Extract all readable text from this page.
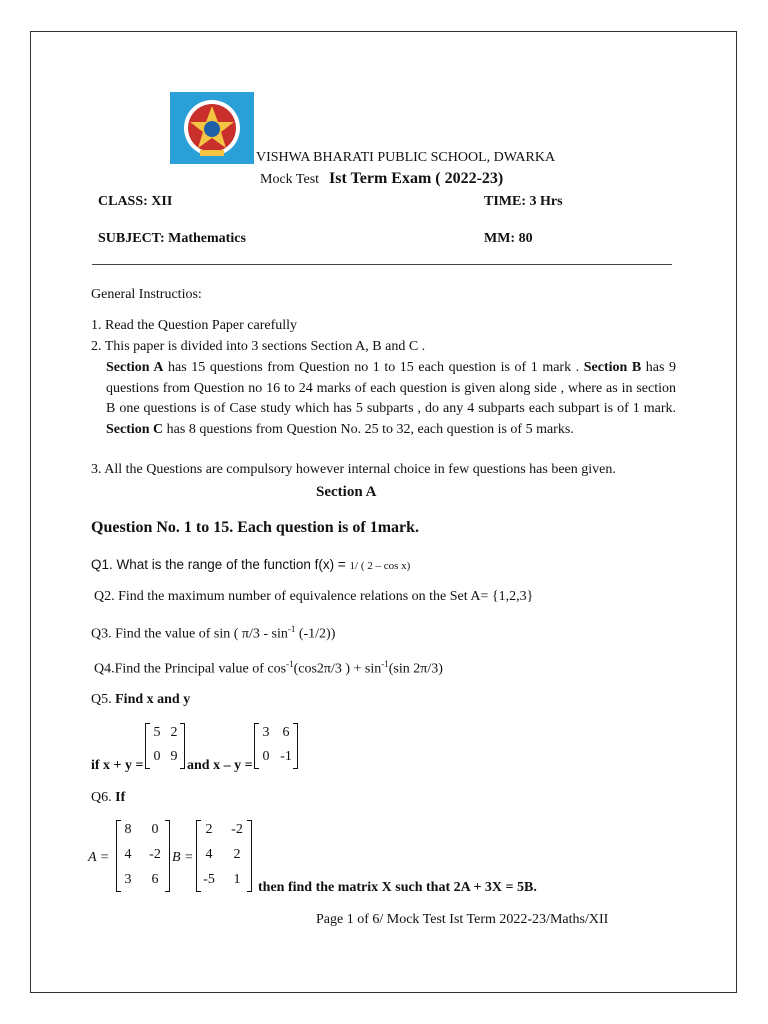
VISHWA BHARATI PUBLIC SCHOOL, DWARKA
Mock Test Ist Term Exam ( 2022-23)
CLASS: XII	TIME: 3 Hrs
SUBJECT: Mathematics	MM: 80
General Instructios:
1. Read the Question Paper carefully
2. This paper is divided into 3 sections Section A, B and C .
Section A has 15 questions from Question no 1 to 15 each question is of 1 mark . Section B has 9 questions from Question no 16 to 24 marks of each question is given along side , where as in section B one questions is of Case study which has 5 subparts , do any 4 subparts each subpart is of 1 mark. Section C has 8 questions from Question No. 25 to 32, each question is of 5 marks.
3. All the Questions are compulsory however internal choice in few questions has been given.
Section A
Question No. 1 to 15. Each question is of 1mark.
Q1. What is the range of the function f(x) = 1/ ( 2 – cos x)
Q2. Find the maximum number of equivalence relations on the Set A= {1,2,3}
Q3. Find the value of sin ( $\pi/3 - \sin^{-1} (-1/2)$)
Q4.Find the Principal value of $\cos^{-1}(\cos 2\pi/3$ ) + $\sin^{-1}(\sin$ 2π/3)
Q5. Find x and y
if x + y =
5 2
0 9
and x – y =
3 6
0 -1
Q6. If
A =
8	0
4	-2
3	6
B =
2	-2
4	2
-5	1
then find the matrix X such that 2A + 3X = 5B.
Page 1 of 6/ Mock Test Ist Term 2022-23/Maths/XII
